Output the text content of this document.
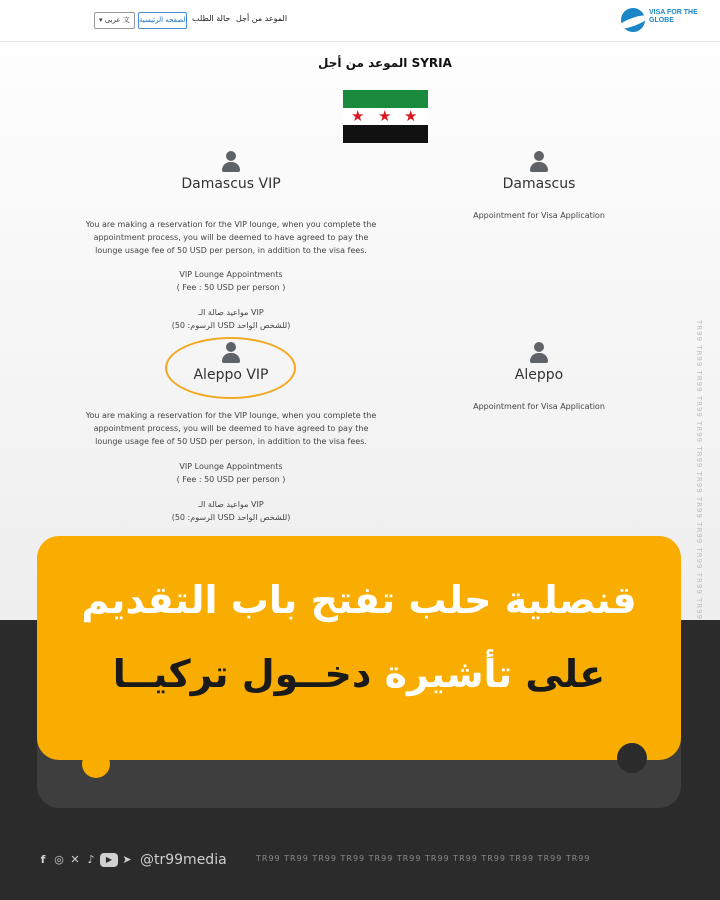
VISA FOR THE GLOBE
الموعد من أجل
حالة الطلب
الصفحه الرئيسية
▾ عربى 文
الموعد من أجل SYRIA
★ ★ ★
Damascus VIP
You are making a reservation for the VIP lounge, when you complete the appointment process, you will be deemed to have agreed to pay the lounge usage fee of 50 USD per person, in addition to the visa fees.
VIP Lounge Appointments
( Fee : 50 USD per person )
مواعيد صالة الـ VIP
(الرسوم: 50 USD للشخص الواحد)
Damascus
Appointment for Visa Application
Aleppo VIP
You are making a reservation for the VIP lounge, when you complete the appointment process, you will be deemed to have agreed to pay the lounge usage fee of 50 USD per person, in addition to the visa fees.
VIP Lounge Appointments
( Fee : 50 USD per person )
مواعيد صالة الـ VIP
(الرسوم: 50 USD للشخص الواحد)
Aleppo
Appointment for Visa Application	TR99 TR99 TR99 TR99 TR99 TR99 TR99 TR99 TR99 TR99 TR99 TR99
قنصلية حلب تفتح باب التقديم
على تأشيرة دخــول تركيــا
f ◎ ✕ ♪ ▶ ➤ @tr99media	TR99 TR99 TR99 TR99 TR99 TR99 TR99 TR99 TR99 TR99 TR99 TR99
